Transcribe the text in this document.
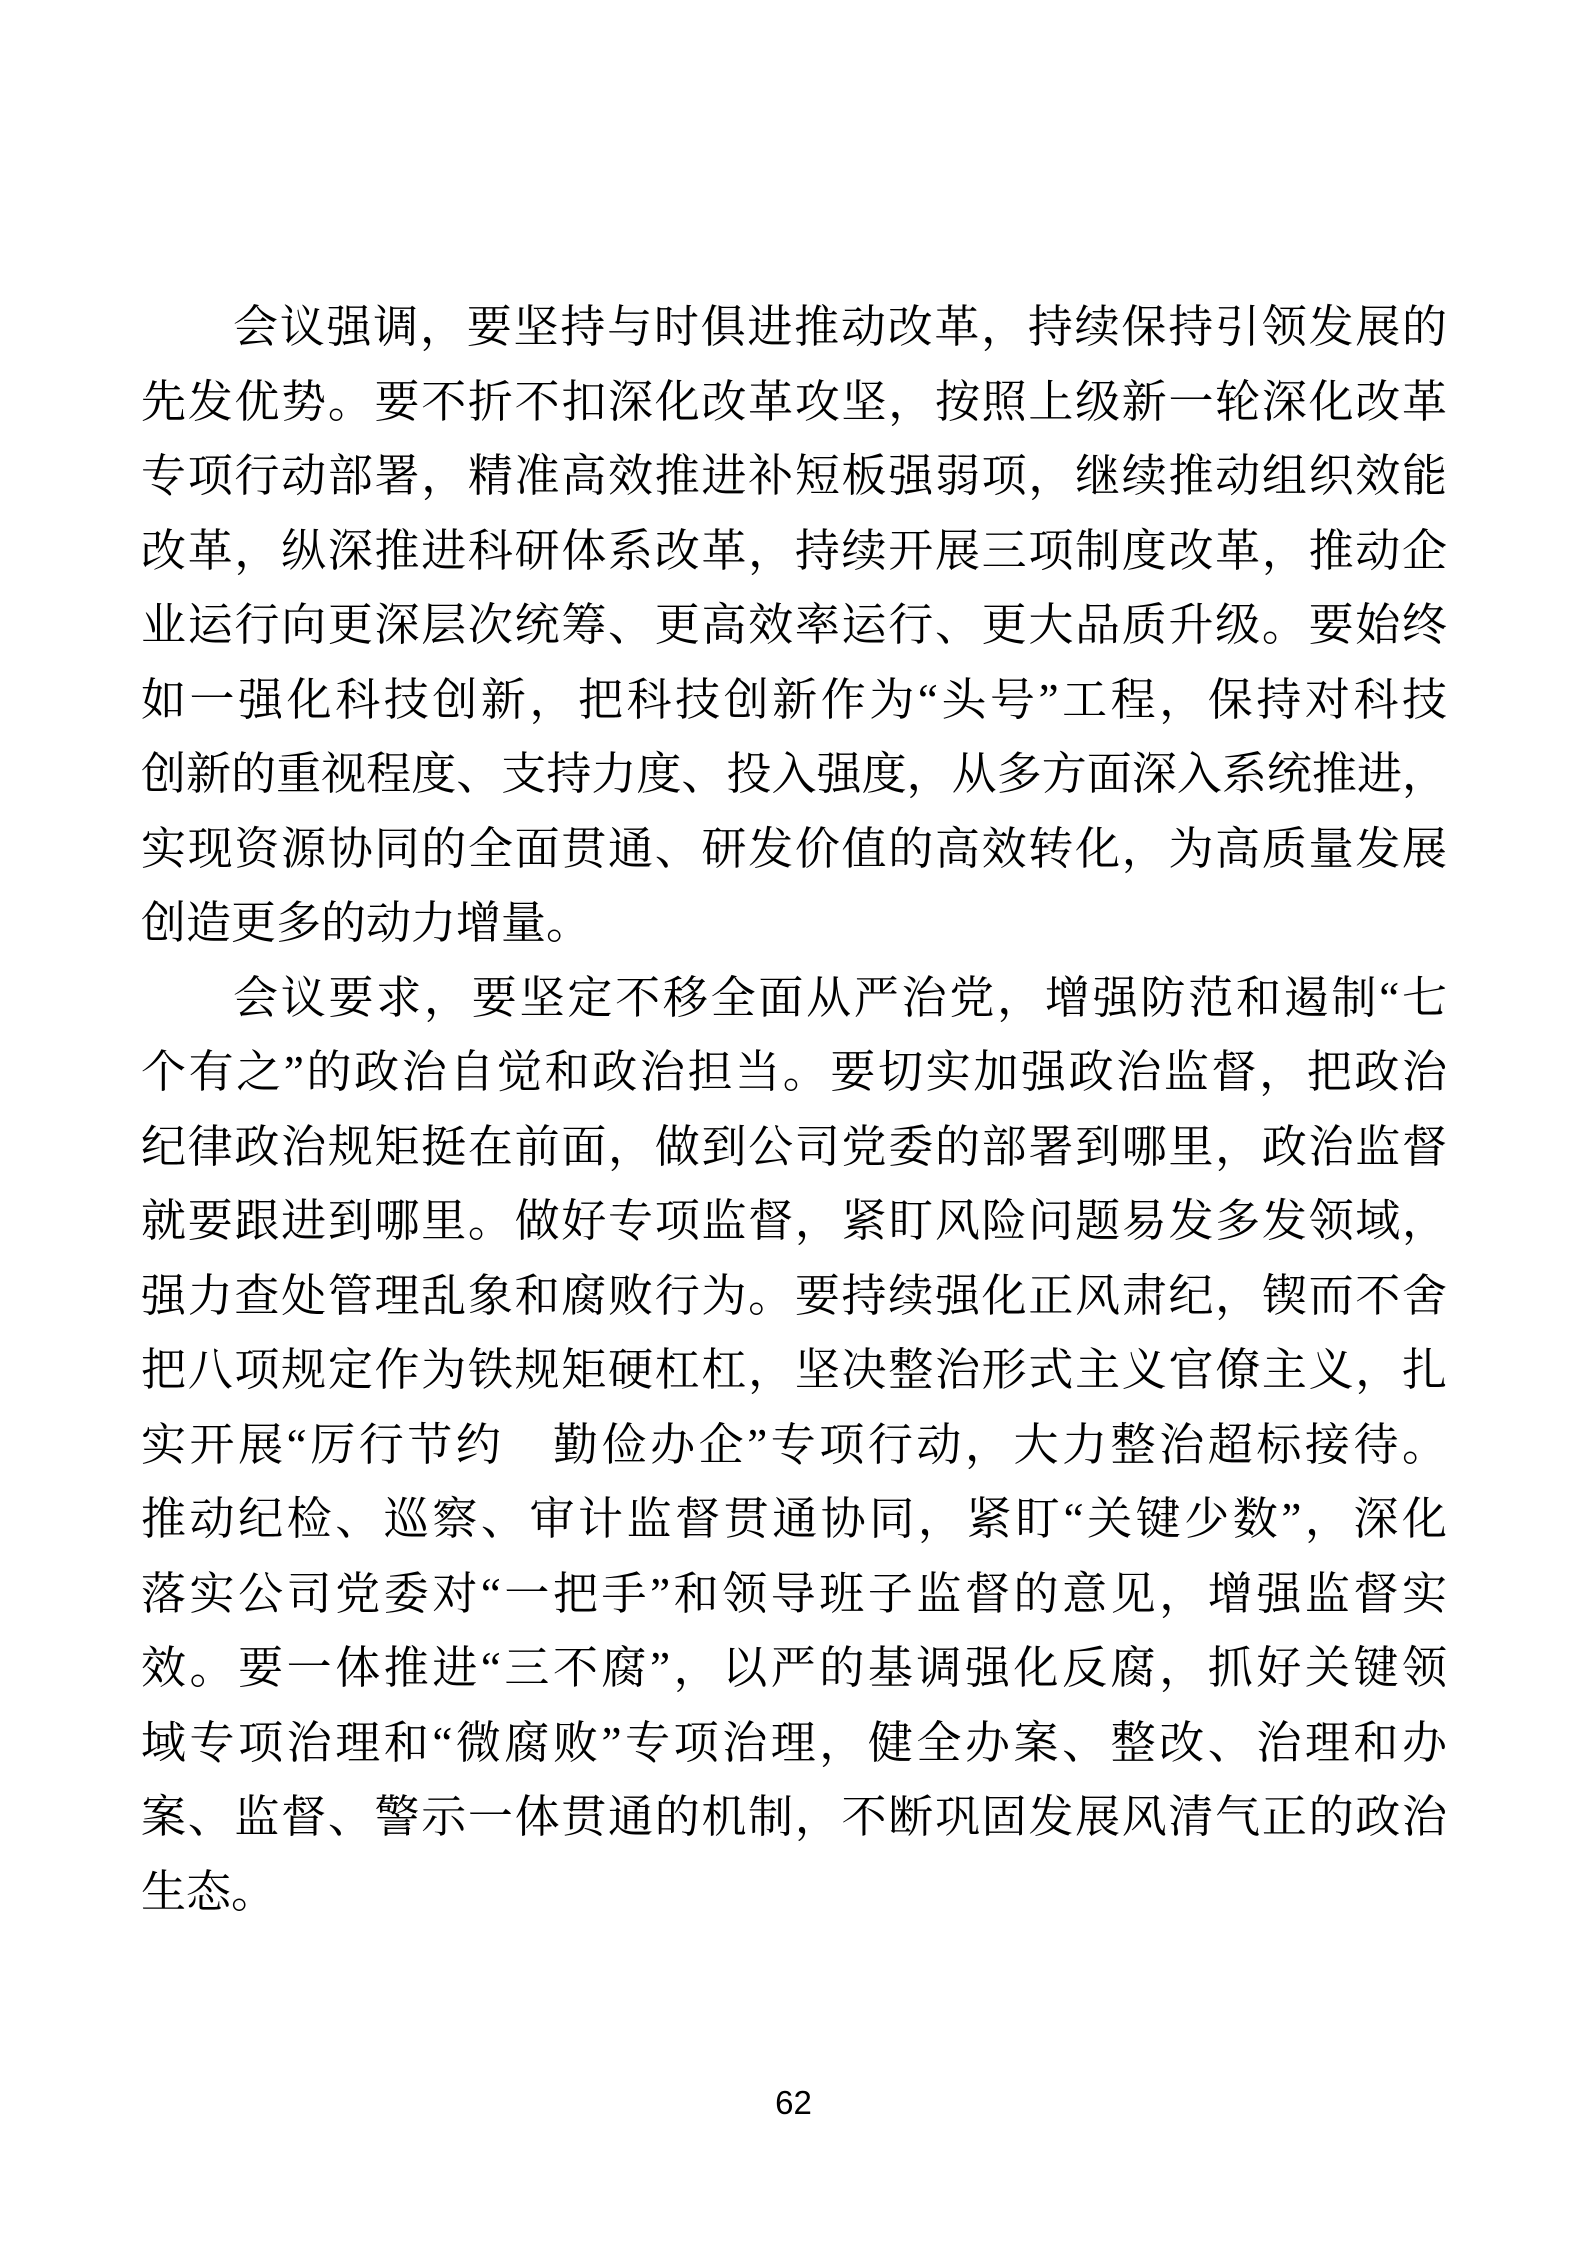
会议强调，要坚持与时俱进推动改革，持续保持引领发展的
先发优势。要不折不扣深化改革攻坚，按照上级新一轮深化改革
专项行动部署，精准高效推进补短板强弱项，继续推动组织效能
改革，纵深推进科研体系改革，持续开展三项制度改革，推动企
业运行向更深层次统筹、更高效率运行、更大品质升级。要始终
如一强化科技创新，把科技创新作为“头号”工程，保持对科技
创新的重视程度、支持力度、投入强度，从多方面深入系统推进，
实现资源协同的全面贯通、研发价值的高效转化，为高质量发展
创造更多的动力增量。
会议要求，要坚定不移全面从严治党，增强防范和遏制“七
个有之”的政治自觉和政治担当。要切实加强政治监督，把政治
纪律政治规矩挺在前面，做到公司党委的部署到哪里，政治监督
就要跟进到哪里。做好专项监督，紧盯风险问题易发多发领域，
强力查处管理乱象和腐败行为。要持续强化正风肃纪，锲而不舍
把八项规定作为铁规矩硬杠杠，坚决整治形式主义官僚主义，扎
实开展“厉行节约　勤俭办企”专项行动，大力整治超标接待。
推动纪检、巡察、审计监督贯通协同，紧盯“关键少数”，深化
落实公司党委对“一把手”和领导班子监督的意见，增强监督实
效。要一体推进“三不腐”，以严的基调强化反腐，抓好关键领
域专项治理和“微腐败”专项治理，健全办案、整改、治理和办
案、监督、警示一体贯通的机制，不断巩固发展风清气正的政治
生态。
62
